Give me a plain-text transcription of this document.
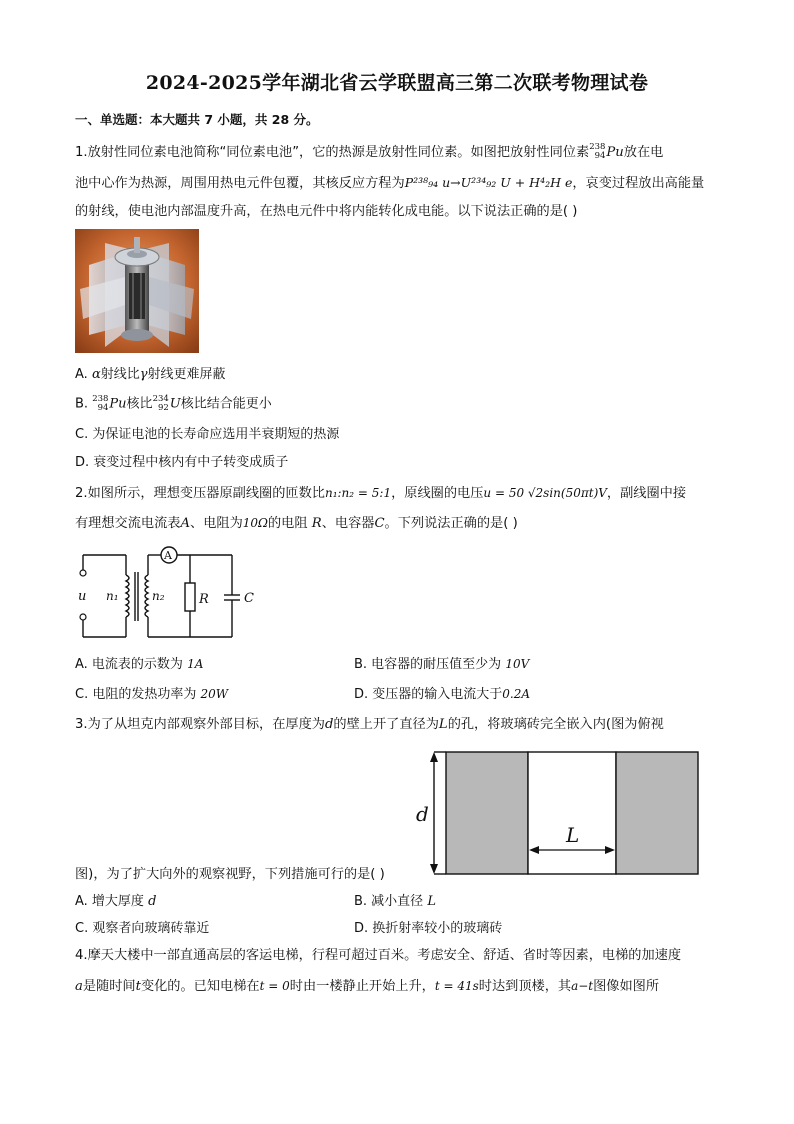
2024-2025学年湖北省云学联盟高三第二次联考物理试卷
一、单选题：本大题共 7 小题，共 28 分。
1.放射性同位素电池简称“同位素电池”，它的热源是放射性同位素。如图把放射性同位素 238
94 Pu放在电
池中心作为热源，周围用热电元件包覆，其核反应方程为P²³⁸₉₄ u→U²³⁴₉₂ U + H⁴₂H e，哀变过程放出高能量
的射线，使电池内部温度升高，在热电元件中将内能转化成电能。以下说法正确的是( )
A. α射线比γ射线更难屏蔽
B. 238
94 Pu核比 234
92 U核比结合能更小
C. 为保证电池的长寿命应选用半衰期短的热源
D. 衰变过程中核内有中子转变成质子
2.如图所示，理想变压器原副线圈的匝数比n₁:n₂ = 5:1，原线圈的电压u = 50 √2sin(50πt)V，副线圈中接
有理想交流电流表A、电阻为10Ω的电阻 R、电容器C。下列说法正确的是( )
u n₁	n₂
A
R	C
A. 电流表的示数为 1A	B. 电容器的耐压值至少为 10V
C. 电阻的发热功率为 20W	D. 变压器的输入电流大于0.2A
3.为了从坦克内部观察外部目标，在厚度为d的壁上开了直径为L的孔，将玻璃砖完全嵌入内(图为俯视
d
L
图)，为了扩大向外的观察视野，下列措施可行的是( )
A. 增大厚度 d	B. 减小直径 L
C. 观察者向玻璃砖靠近	D. 换折射率较小的玻璃砖
4.摩天大楼中一部直通高层的客运电梯，行程可超过百米。考虑安全、舒适、省时等因素，电梯的加速度
a是随时间t变化的。已知电梯在t = 0时由一楼静止开始上升，t = 41s时达到顶楼，其a−t图像如图所
